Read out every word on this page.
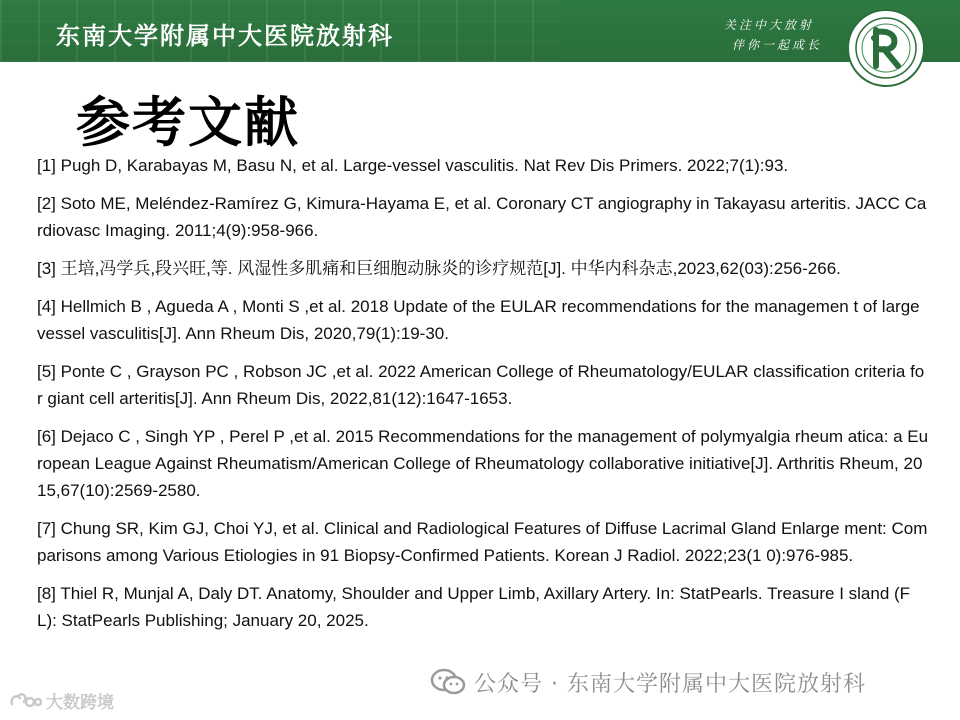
东南大学附属中大医院放射科	关注中大放射
伴你一起成长
参考文献
[1] Pugh D, Karabayas M, Basu N, et al. Large-vessel vasculitis. Nat Rev Dis Primers. 2022;7(1):93.
[2] Soto ME, Meléndez-Ramírez G, Kimura-Hayama E, et al. Coronary CT angiography in Takayasu arteritis. JACC Cardiovasc Imaging. 2011;4(9):958-966.
[3] 王培,冯学兵,段兴旺,等. 风湿性多肌痛和巨细胞动脉炎的诊疗规范[J]. 中华内科杂志,2023,62(03):256-266.
[4] Hellmich B , Agueda A , Monti S ,et al. 2018 Update of the EULAR recommendations for the managemen t of large vessel vasculitis[J]. Ann Rheum Dis, 2020,79(1):19-30.
[5] Ponte C , Grayson PC , Robson JC ,et al. 2022 American College of Rheumatology/EULAR classification criteria for giant cell arteritis[J]. Ann Rheum Dis, 2022,81(12):1647-1653.
[6] Dejaco C , Singh YP , Perel P ,et al. 2015 Recommendations for the management of polymyalgia rheum atica: a European League Against Rheumatism/American College of Rheumatology collaborative initiative[J]. Arthritis Rheum, 2015,67(10):2569-2580.
[7] Chung SR, Kim GJ, Choi YJ, et al. Clinical and Radiological Features of Diffuse Lacrimal Gland Enlarge ment: Comparisons among Various Etiologies in 91 Biopsy-Confirmed Patients. Korean J Radiol. 2022;23(1 0):976-985.
[8] Thiel R, Munjal A, Daly DT. Anatomy, Shoulder and Upper Limb, Axillary Artery. In: StatPearls. Treasure I sland (FL): StatPearls Publishing; January 20, 2025.
公众号 · 东南大学附属中大医院放射科
大数跨境
